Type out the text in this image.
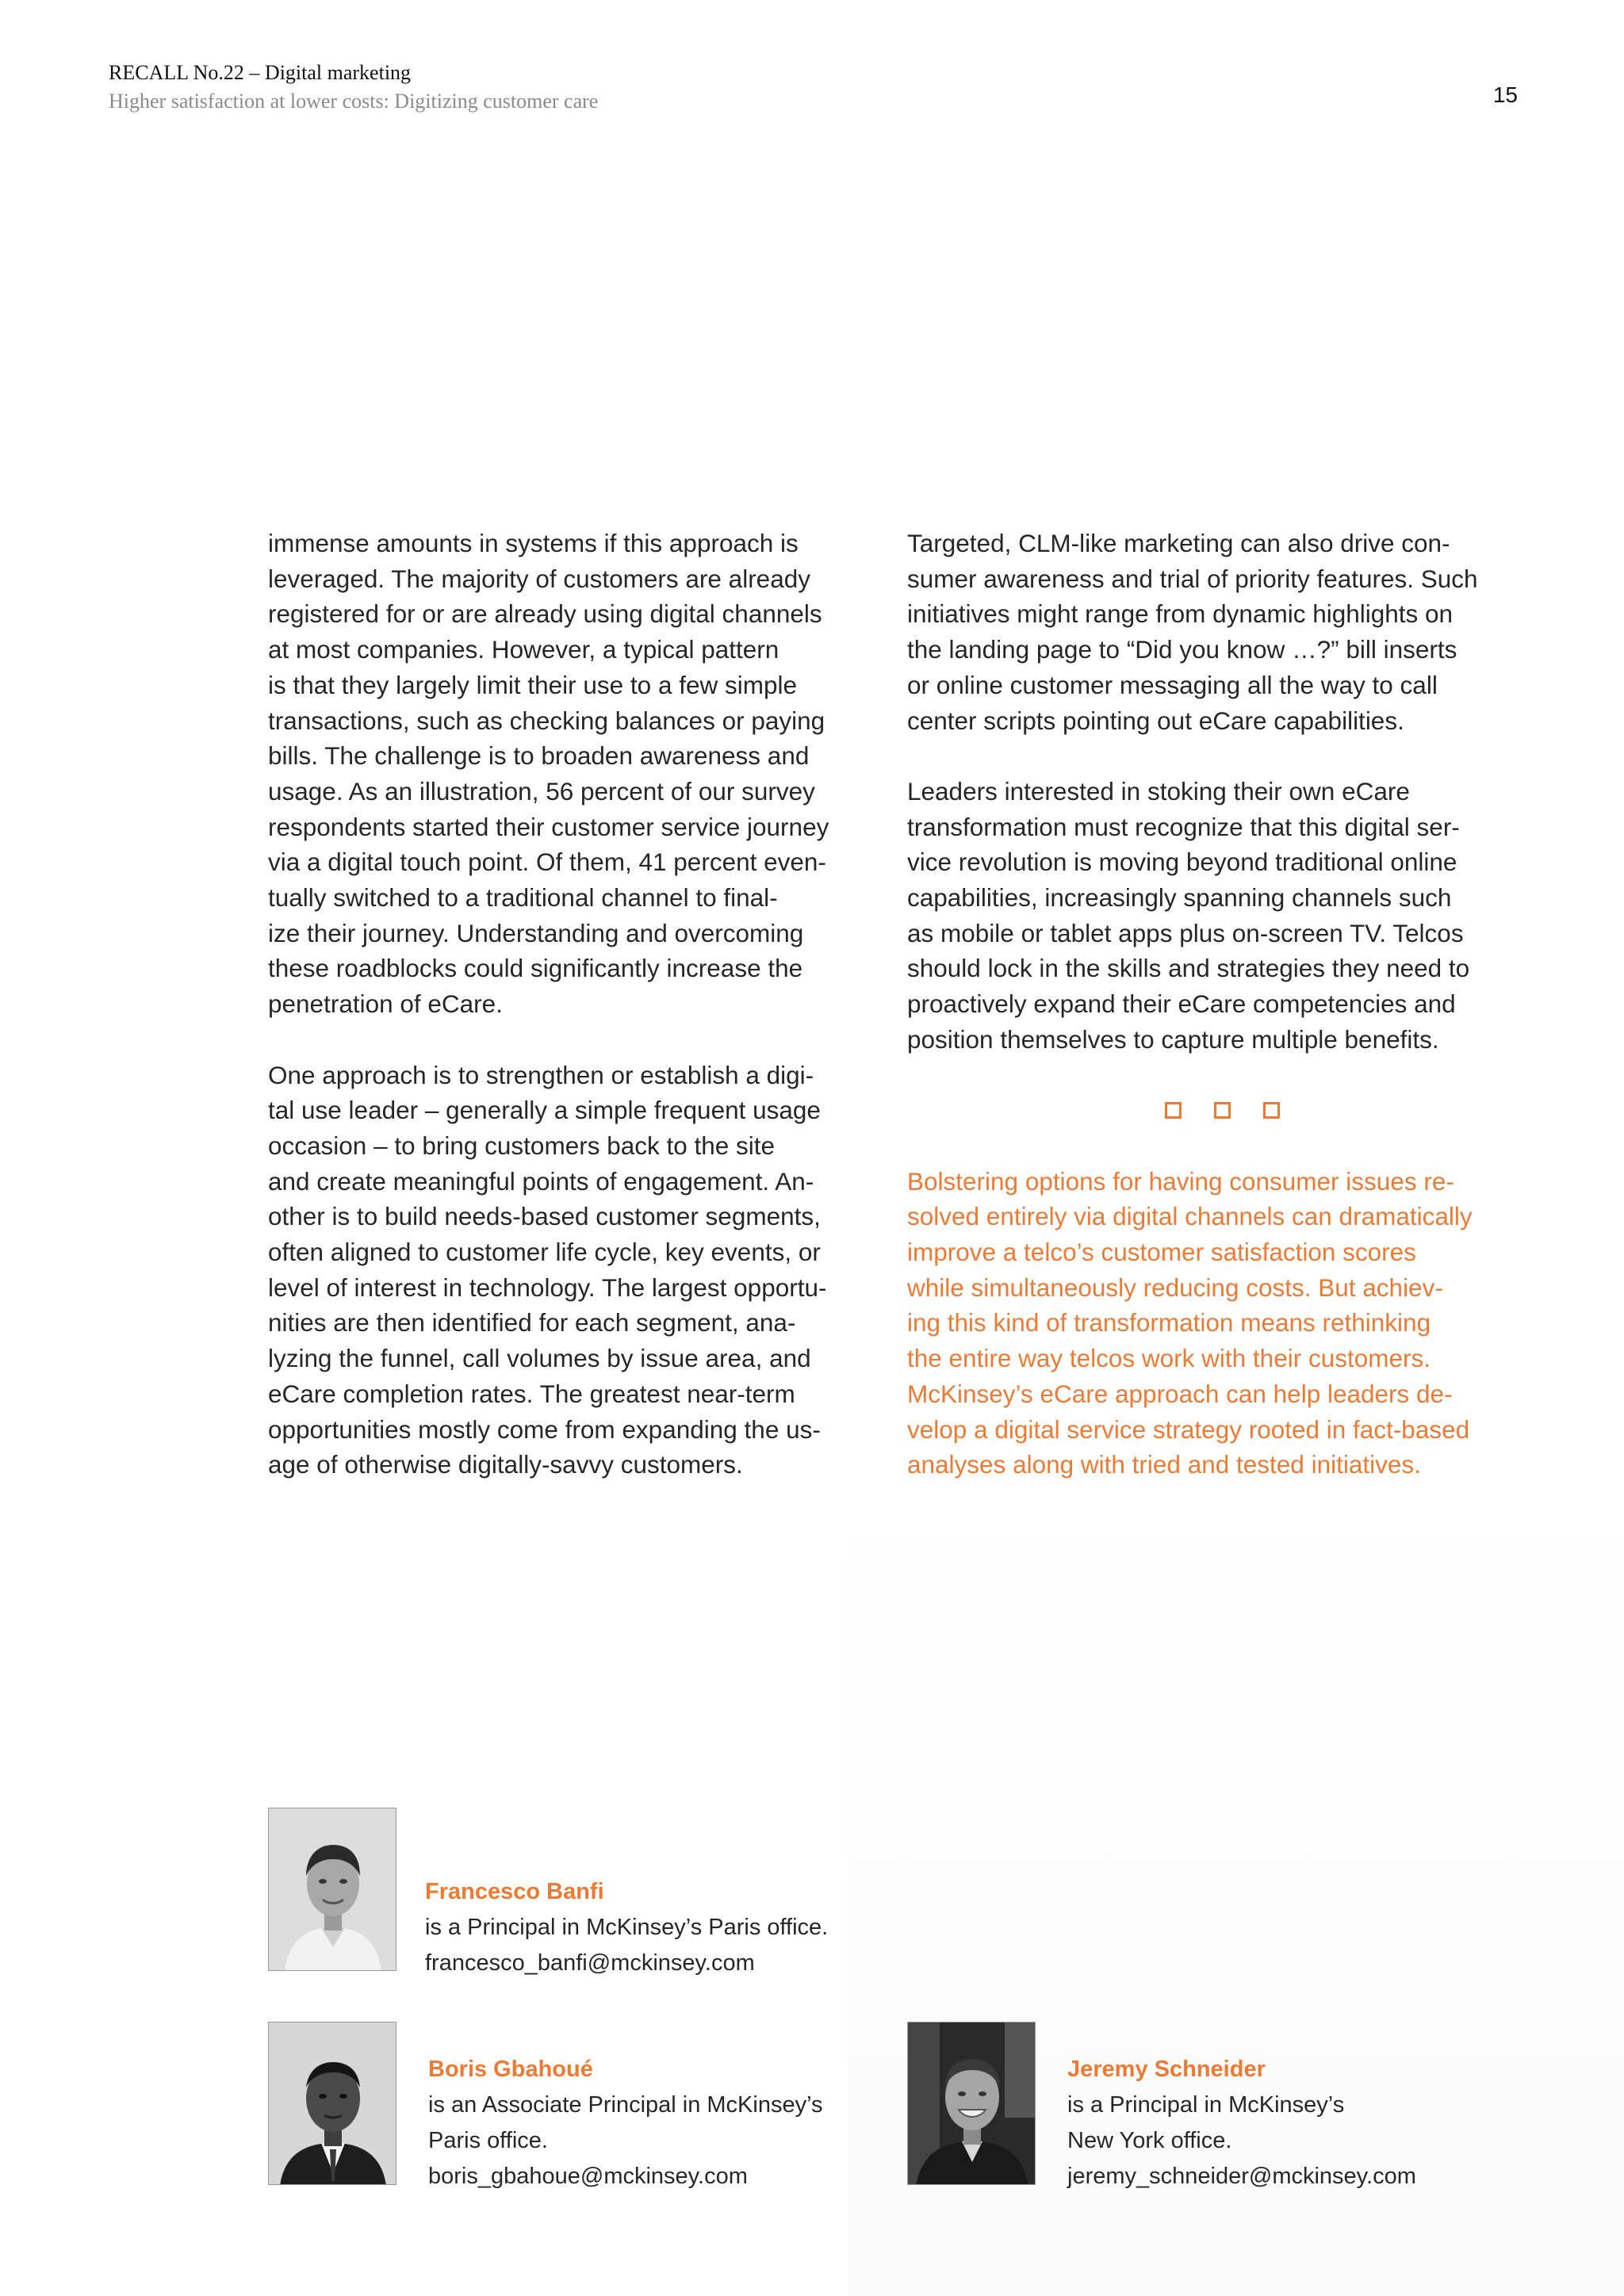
RECALL No.22 – Digital marketing
Higher satisfaction at lower costs: Digitizing customer care	15
immense amounts in systems if this approach is
leveraged. The majority of customers are already
registered for or are already using digital channels
at most companies. However, a typical pattern
is that they largely limit their use to a few simple
transactions, such as checking balances or paying
bills. The challenge is to broaden awareness and
usage. As an illustration, 56 percent of our survey
respondents started their customer service journey
via a digital touch point. Of them, 41 percent even-
tually switched to a traditional channel to final-
ize their journey. Understanding and overcoming
these roadblocks could significantly increase the
penetration of eCare.
One approach is to strengthen or establish a digi-
tal use leader – generally a simple frequent usage
occasion – to bring customers back to the site
and create meaningful points of engagement. An-
other is to build needs-based customer segments,
often aligned to customer life cycle, key events, or
level of interest in technology. The largest opportu-
nities are then identified for each segment, ana-
lyzing the funnel, call volumes by issue area, and
eCare completion rates. The greatest near-term
opportunities mostly come from expanding the us-
age of otherwise digitally-savvy customers.
Targeted, CLM-like marketing can also drive con-
sumer awareness and trial of priority features. Such
initiatives might range from dynamic highlights on
the landing page to “Did you know …?” bill inserts
or online customer messaging all the way to call
center scripts pointing out eCare capabilities.
Leaders interested in stoking their own eCare
transformation must recognize that this digital ser-
vice revolution is moving beyond traditional online
capabilities, increasingly spanning channels such
as mobile or tablet apps plus on-screen TV. Telcos
should lock in the skills and strategies they need to
proactively expand their eCare competencies and
position themselves to capture multiple benefits.
Bolstering options for having consumer issues re-
solved entirely via digital channels can dramatically
improve a telco’s customer satisfaction scores
while simultaneously reducing costs. But achiev-
ing this kind of transformation means rethinking
the entire way telcos work with their customers.
McKinsey’s eCare approach can help leaders de-
velop a digital service strategy rooted in fact-based
analyses along with tried and tested initiatives.
Francesco Banfi
is a Principal in McKinsey’s Paris office.
francesco_banfi@mckinsey.com
Boris Gbahoué
is an Associate Principal in McKinsey’s
Paris office.
boris_gbahoue@mckinsey.com
Jeremy Schneider
is a Principal in McKinsey’s
New York office.
jeremy_schneider@mckinsey.com
